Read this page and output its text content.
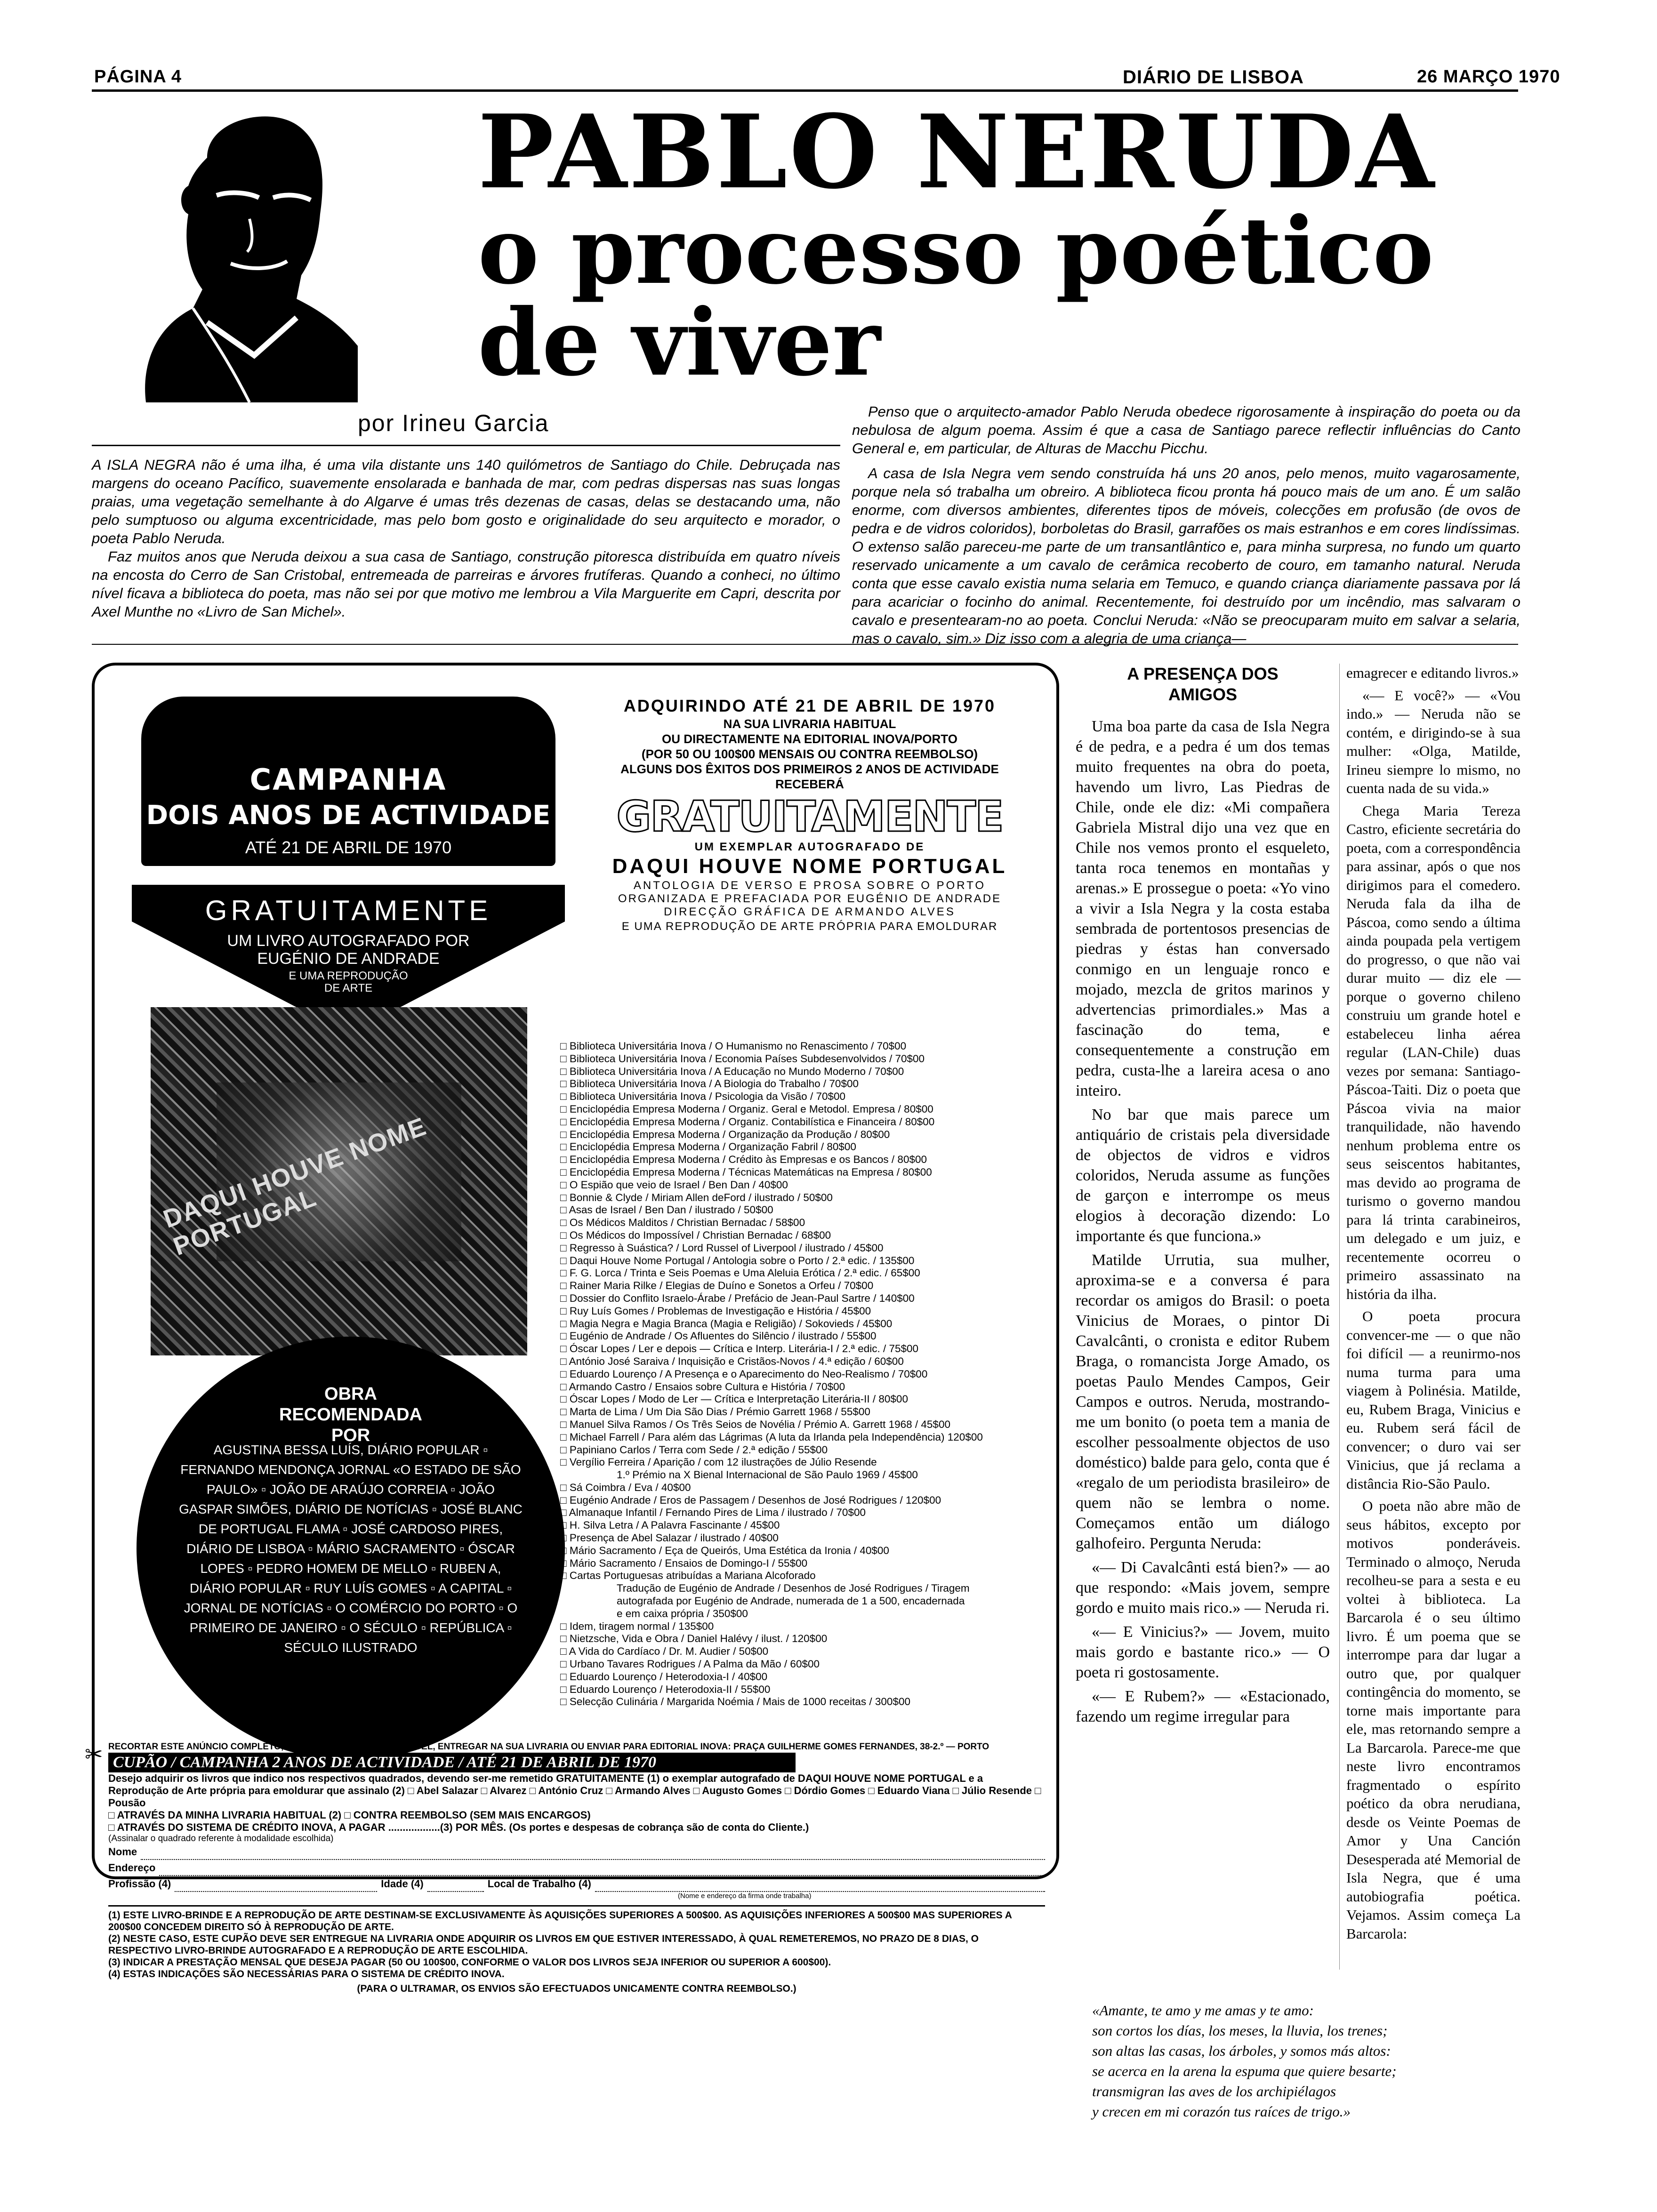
PÁGINA 4	DIÁRIO DE LISBOA	26 MARÇO 1970
PABLO NERUDA
o processo poético
de viver
por Irineu Garcia

A ISLA NEGRA não é uma ilha, é uma vila distante uns 140 quilómetros de Santiago do Chile. Debruçada nas margens do oceano Pacífico, suavemente ensolarada e banhada de mar, com pedras dispersas nas suas longas praias, uma vegetação semelhante à do Algarve é umas três dezenas de casas, delas se destacando uma, não pelo sumptuoso ou alguma excentricidade, mas pelo bom gosto e originalidade do seu arquitecto e morador, o poeta Pablo Neruda.

Faz muitos anos que Neruda deixou a sua casa de Santiago, construção pitoresca distribuída em quatro níveis na encosta do Cerro de San Cristobal, entremeada de parreiras e árvores frutíferas. Quando a conheci, no último nível ficava a biblioteca do poeta, mas não sei por que motivo me lembrou a Vila Marguerite em Capri, descrita por Axel Munthe no «Livro de San Michel».

Penso que o arquitecto-amador Pablo Neruda obedece rigorosamente à inspiração do poeta ou da nebulosa de algum poema. Assim é que a casa de Santiago parece reflectir influências do Canto General e, em particular, de Alturas de Macchu Picchu.

A casa de Isla Negra vem sendo construída há uns 20 anos, pelo menos, muito vagarosamente, porque nela só trabalha um obreiro. A biblioteca ficou pronta há pouco mais de um ano. É um salão enorme, com diversos ambientes, diferentes tipos de móveis, colecções em profusão (de ovos de pedra e de vidros coloridos), borboletas do Brasil, garrafões os mais estranhos e em cores lindíssimas. O extenso salão pareceu-me parte de um transantlântico e, para minha surpresa, no fundo um quarto reservado unicamente a um cavalo de cerâmica recoberto de couro, em tamanho natural. Neruda conta que esse cavalo existia numa selaria em Temuco, e quando criança diariamente passava por lá para acariciar o focinho do animal. Recentemente, foi destruído por um incêndio, mas salvaram o cavalo e presentearam-no ao poeta. Conclui Neruda: «Não se preocuparam muito em salvar a selaria, mas o cavalo, sim.» Diz isso com a alegria de uma criança—

CAMPANHA
DOIS ANOS DE ACTIVIDADE
ATÉ 21 DE ABRIL DE 1970
GRATUITAMENTE
UM LIVRO AUTOGRAFADO POR
EUGÉNIO DE ANDRADE
E UMA REPRODUÇÃO
DE ARTE
DAQUI HOUVE NOME PORTUGAL
OBRA RECOMENDADA POR
AGUSTINA BESSA LUÍS, DIÁRIO POPULAR ▫ FERNANDO MENDONÇA JORNAL «O ESTADO DE SÃO PAULO» ▫ JOÃO DE ARAÚJO CORREIA ▫ JOÃO GASPAR SIMÕES, DIÁRIO DE NOTÍCIAS ▫ JOSÉ BLANC DE PORTUGAL FLAMA ▫ JOSÉ CARDOSO PIRES, DIÁRIO DE LISBOA ▫ MÁRIO SACRAMENTO ▫ ÓSCAR LOPES ▫ PEDRO HOMEM DE MELLO ▫ RUBEN A, DIÁRIO POPULAR ▫ RUY LUÍS GOMES ▫ A CAPITAL ▫ JORNAL DE NOTÍCIAS ▫ O COMÉRCIO DO PORTO ▫ O PRIMEIRO DE JANEIRO ▫ O SÉCULO ▫ REPÚBLICA ▫ SÉCULO ILUSTRADO
ADQUIRINDO ATÉ 21 DE ABRIL DE 1970
NA SUA LIVRARIA HABITUAL
OU DIRECTAMENTE NA EDITORIAL INOVA/PORTO
(POR 50 OU 100$00 MENSAIS OU CONTRA REEMBOLSO)
ALGUNS DOS ÊXITOS DOS PRIMEIROS 2 ANOS DE ACTIVIDADE
RECEBERÁ
GRATUITAMENTE
UM EXEMPLAR AUTOGRAFADO DE
DAQUI HOUVE NOME PORTUGAL
ANTOLOGIA DE VERSO E PROSA SOBRE O PORTO
ORGANIZADA E PREFACIADA POR EUGÉNIO DE ANDRADE
DIRECÇÃO GRÁFICA DE ARMANDO ALVES
E UMA REPRODUÇÃO DE ARTE PRÓPRIA PARA EMOLDURAR
□ Biblioteca Universitária Inova / O Humanismo no Renascimento / 70$00
□ Biblioteca Universitária Inova / Economia Países Subdesenvolvidos / 70$00
□ Biblioteca Universitária Inova / A Educação no Mundo Moderno / 70$00
□ Biblioteca Universitária Inova / A Biologia do Trabalho / 70$00
□ Biblioteca Universitária Inova / Psicologia da Visão / 70$00
□ Enciclopédia Empresa Moderna / Organiz. Geral e Metodol. Empresa / 80$00
□ Enciclopédia Empresa Moderna / Organiz. Contabilística e Financeira / 80$00
□ Enciclopédia Empresa Moderna / Organização da Produção / 80$00
□ Enciclopédia Empresa Moderna / Organização Fabril / 80$00
□ Enciclopédia Empresa Moderna / Crédito às Empresas e os Bancos / 80$00
□ Enciclopédia Empresa Moderna / Técnicas Matemáticas na Empresa / 80$00
□ O Espião que veio de Israel / Ben Dan / 40$00
□ Bonnie & Clyde / Miriam Allen deFord / ilustrado / 50$00
□ Asas de Israel / Ben Dan / ilustrado / 50$00
□ Os Médicos Malditos / Christian Bernadac / 58$00
□ Os Médicos do Impossível / Christian Bernadac / 68$00
□ Regresso à Suástica? / Lord Russel of Liverpool / ilustrado / 45$00
□ Daqui Houve Nome Portugal / Antologia sobre o Porto / 2.ª edic. / 135$00
□ F. G. Lorca / Trinta e Seis Poemas e Uma Aleluia Erótica / 2.ª edic. / 65$00
□ Rainer Maria Rilke / Elegias de Duíno e Sonetos a Orfeu / 70$00
□ Dossier do Conflito Israelo-Árabe / Prefácio de Jean-Paul Sartre / 140$00
□ Ruy Luís Gomes / Problemas de Investigação e História / 45$00
□ Magia Negra e Magia Branca (Magia e Religião) / Sokovieds / 45$00
□ Eugénio de Andrade / Os Afluentes do Silêncio / ilustrado / 55$00
□ Óscar Lopes / Ler e depois — Crítica e Interp. Literária-I / 2.ª edic. / 75$00
□ António José Saraiva / Inquisição e Cristãos-Novos / 4.ª edição / 60$00
□ Eduardo Lourenço / A Presença e o Aparecimento do Neo-Realismo / 70$00
□ Armando Castro / Ensaios sobre Cultura e História / 70$00
□ Óscar Lopes / Modo de Ler — Crítica e Interpretação Literária-II / 80$00
□ Marta de Lima / Um Dia São Dias / Prémio Garrett 1968 / 55$00
□ Manuel Silva Ramos / Os Três Seios de Novélia / Prémio A. Garrett 1968 / 45$00
□ Michael Farrell / Para além das Lágrimas (A luta da Irlanda pela Independência) 120$00
□ Papiniano Carlos / Terra com Sede / 2.ª edição / 55$00
□ Vergílio Ferreira / Aparição / com 12 ilustrações de Júlio Resende
1.º Prémio na X Bienal Internacional de São Paulo 1969 / 45$00
□ Sá Coimbra / Eva / 40$00
□ Eugénio Andrade / Eros de Passagem / Desenhos de José Rodrigues / 120$00
□ Almanaque Infantil / Fernando Pires de Lima / ilustrado / 70$00
□ H. Silva Letra / A Palavra Fascinante / 45$00
□ Presença de Abel Salazar / ilustrado / 40$00
□ Mário Sacramento / Eça de Queirós, Uma Estética da Ironia / 40$00
□ Mário Sacramento / Ensaios de Domingo-I / 55$00
□ Cartas Portuguesas atribuídas a Mariana Alcoforado
Tradução de Eugénio de Andrade / Desenhos de José Rodrigues / Tiragem
autografada por Eugénio de Andrade, numerada de 1 a 500, encadernada
e em caixa própria / 350$00
□ Idem, tiragem normal / 135$00
□ Nietzsche, Vida e Obra / Daniel Halévy / ilust. / 120$00
□ A Vida do Cardíaco / Dr. M. Audier / 50$00
□ Urbano Tavares Rodrigues / A Palma da Mão / 60$00
□ Eduardo Lourenço / Heterodoxia-I / 40$00
□ Eduardo Lourenço / Heterodoxia-II / 55$00
□ Selecção Culinária / Margarida Noémia / Mais de 1000 receitas / 300$00
RECORTAR ESTE ANÚNCIO COMPLETO, PREENCHER DE FORMA LEGÍVEL, ENTREGAR NA SUA LIVRARIA OU ENVIAR PARA EDITORIAL INOVA: PRAÇA GUILHERME GOMES FERNANDES, 38-2.º — PORTO
CUPÃO / CAMPANHA 2 ANOS DE ACTIVIDADE / ATÉ 21 DE ABRIL DE 1970
Desejo adquirir os livros que indico nos respectivos quadrados, devendo ser-me remetido GRATUITAMENTE (1) o exemplar autografado de DAQUI HOUVE NOME PORTUGAL e a Reprodução de Arte própria para emoldurar que assinalo (2) □ Abel Salazar □ Alvarez □ António Cruz □ Armando Alves □ Augusto Gomes □ Dórdio Gomes □ Eduardo Viana □ Júlio Resende □ Pousão
□ ATRAVÉS DA MINHA LIVRARIA HABITUAL (2) □ CONTRA REEMBOLSO (SEM MAIS ENCARGOS)
□ ATRAVÉS DO SISTEMA DE CRÉDITO INOVA, A PAGAR ..................(3) POR MÊS. (Os portes e despesas de cobrança são de conta do Cliente.)
(Assinalar o quadrado referente à modalidade escolhida)
Nome
Endereço
Profissão (4)	Idade (4)	Local de Trabalho (4)
(Nome e endereço da firma onde trabalha)
(1) ESTE LIVRO-BRINDE E A REPRODUÇÃO DE ARTE DESTINAM-SE EXCLUSIVAMENTE ÀS AQUISIÇÕES SUPERIORES A 500$00. AS AQUISIÇÕES INFERIORES A 500$00 MAS SUPERIORES A 200$00 CONCEDEM DIREITO SÓ À REPRODUÇÃO DE ARTE.
(2) NESTE CASO, ESTE CUPÃO DEVE SER ENTREGUE NA LIVRARIA ONDE ADQUIRIR OS LIVROS EM QUE ESTIVER INTERESSADO, À QUAL REMETEREMOS, NO PRAZO DE 8 DIAS, O RESPECTIVO LIVRO-BRINDE AUTOGRAFADO E A REPRODUÇÃO DE ARTE ESCOLHIDA.
(3) INDICAR A PRESTAÇÃO MENSAL QUE DESEJA PAGAR (50 OU 100$00, CONFORME O VALOR DOS LIVROS SEJA INFERIOR OU SUPERIOR A 600$00).
(4) ESTAS INDICAÇÕES SÃO NECESSÁRIAS PARA O SISTEMA DE CRÉDITO INOVA.
(PARA O ULTRAMAR, OS ENVIOS SÃO EFECTUADOS UNICAMENTE CONTRA REEMBOLSO.)
✂

A PRESENÇA DOS AMIGOS

Uma boa parte da casa de Isla Negra é de pedra, e a pedra é um dos temas muito frequentes na obra do poeta, havendo um livro, Las Piedras de Chile, onde ele diz: «Mi compañera Gabriela Mistral dijo una vez que en Chile nos vemos pronto el esqueleto, tanta roca tenemos en montañas y arenas.» E prossegue o poeta: «Yo vino a vivir a Isla Negra y la costa estaba sembrada de portentosos presencias de piedras y éstas han conversado conmigo en un lenguaje ronco e mojado, mezcla de gritos marinos y advertencias primordiales.» Mas a fascinação do tema, e consequentemente a construção em pedra, custa-lhe a lareira acesa o ano inteiro.

No bar que mais parece um antiquário de cristais pela diversidade de objectos de vidros e vidros coloridos, Neruda assume as funções de garçon e interrompe os meus elogios à decoração dizendo: Lo importante és que funciona.»

Matilde Urrutia, sua mulher, aproxima-se e a conversa é para recordar os amigos do Brasil: o poeta Vinicius de Moraes, o pintor Di Cavalcânti, o cronista e editor Rubem Braga, o romancista Jorge Amado, os poetas Paulo Mendes Campos, Geir Campos e outros. Neruda, mostrando-me um bonito (o poeta tem a mania de escolher pessoalmente objectos de uso doméstico) balde para gelo, conta que é «regalo de um periodista brasileiro» de quem não se lembra o nome. Começamos então um diálogo galhofeiro. Pergunta Neruda:

«— Di Cavalcânti está bien?» — ao que respondo: «Mais jovem, sempre gordo e muito mais rico.» — Neruda ri.

«— E Vinicius?» — Jovem, muito mais gordo e bastante rico.» — O poeta ri gostosamente.

«— E Rubem?» — «Estacionado, fazendo um regime irregular para

emagrecer e editando livros.»

«— E você?» — «Vou indo.» — Neruda não se contém, e dirigindo-se à sua mulher: «Olga, Matilde, Irineu siempre lo mismo, no cuenta nada de su vida.»

Chega Maria Tereza Castro, eficiente secretária do poeta, com a correspondência para assinar, após o que nos dirigimos para el comedero. Neruda fala da ilha de Páscoa, como sendo a última ainda poupada pela vertigem do progresso, o que não vai durar muito — diz ele — porque o governo chileno construiu um grande hotel e estabeleceu linha aérea regular (LAN-Chile) duas vezes por semana: Santiago-Páscoa-Taiti. Diz o poeta que Páscoa vivia na maior tranquilidade, não havendo nenhum problema entre os seus seiscentos habitantes, mas devido ao programa de turismo o governo mandou para lá trinta carabineiros, um delegado e um juiz, e recentemente ocorreu o primeiro assassinato na história da ilha.

O poeta procura convencer-me — o que não foi difícil — a reunirmo-nos numa turma para uma viagem à Polinésia. Matilde, eu, Rubem Braga, Vinicius e eu. Rubem será fácil de convencer; o duro vai ser Vinicius, que já reclama a distância Rio-São Paulo.

O poeta não abre mão de seus hábitos, excepto por motivos ponderáveis. Terminado o almoço, Neruda recolheu-se para a sesta e eu voltei à biblioteca. La Barcarola é o seu último livro. É um poema que se interrompe para dar lugar a outro que, por qualquer contingência do momento, se torne mais importante para ele, mas retornando sempre a La Barcarola. Parece-me que neste livro encontramos fragmentado o espírito poético da obra nerudiana, desde os Veinte Poemas de Amor y Una Canción Desesperada até Memorial de Isla Negra, que é uma autobiografia poética. Vejamos. Assim começa La Barcarola:

«Amante, te amo y me amas y te amo:
son cortos los días, los meses, la lluvia, los trenes;
son altas las casas, los árboles, y somos más altos:
se acerca en la arena la espuma que quiere besarte;
transmigran las aves de los archipiélagos
y crecen em mi corazón tus raíces de trigo.»
